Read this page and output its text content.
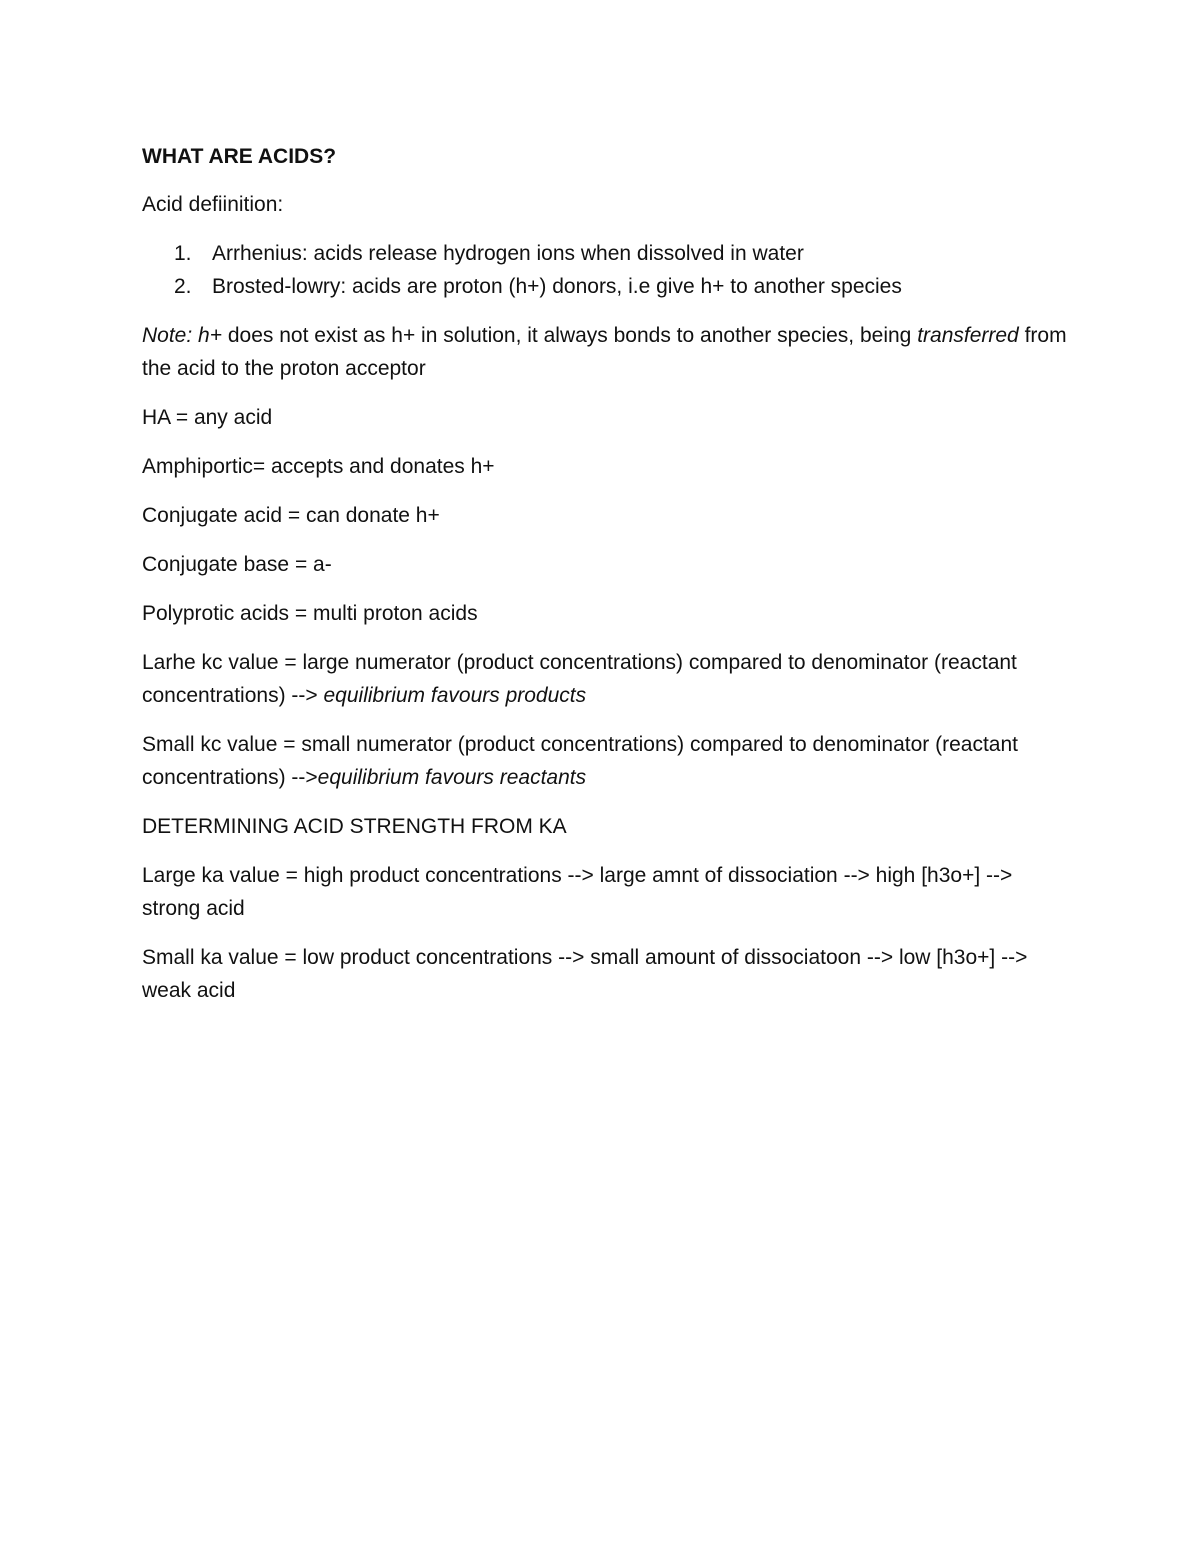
WHAT ARE ACIDS?

Acid defiinition:

1. Arrhenius: acids release hydrogen ions when dissolved in water
2. Brosted-lowry: acids are proton (h+) donors, i.e give h+ to another species

Note: h+ does not exist as h+ in solution, it always bonds to another species, being transferred from the acid to the proton acceptor

HA = any acid

Amphiportic= accepts and donates h+

Conjugate acid = can donate h+

Conjugate base = a-

Polyprotic acids = multi proton acids

Larhe kc value = large numerator (product concentrations) compared to denominator (reactant concentrations) --> equilibrium favours products

Small kc value = small numerator (product concentrations) compared to denominator (reactant concentrations) -->equilibrium favours reactants

DETERMINING ACID STRENGTH FROM KA

Large ka value = high product concentrations --> large amnt of dissociation --> high [h3o+] --> strong acid

Small ka value = low product concentrations --> small amount of dissociatoon --> low [h3o+] --> weak acid
